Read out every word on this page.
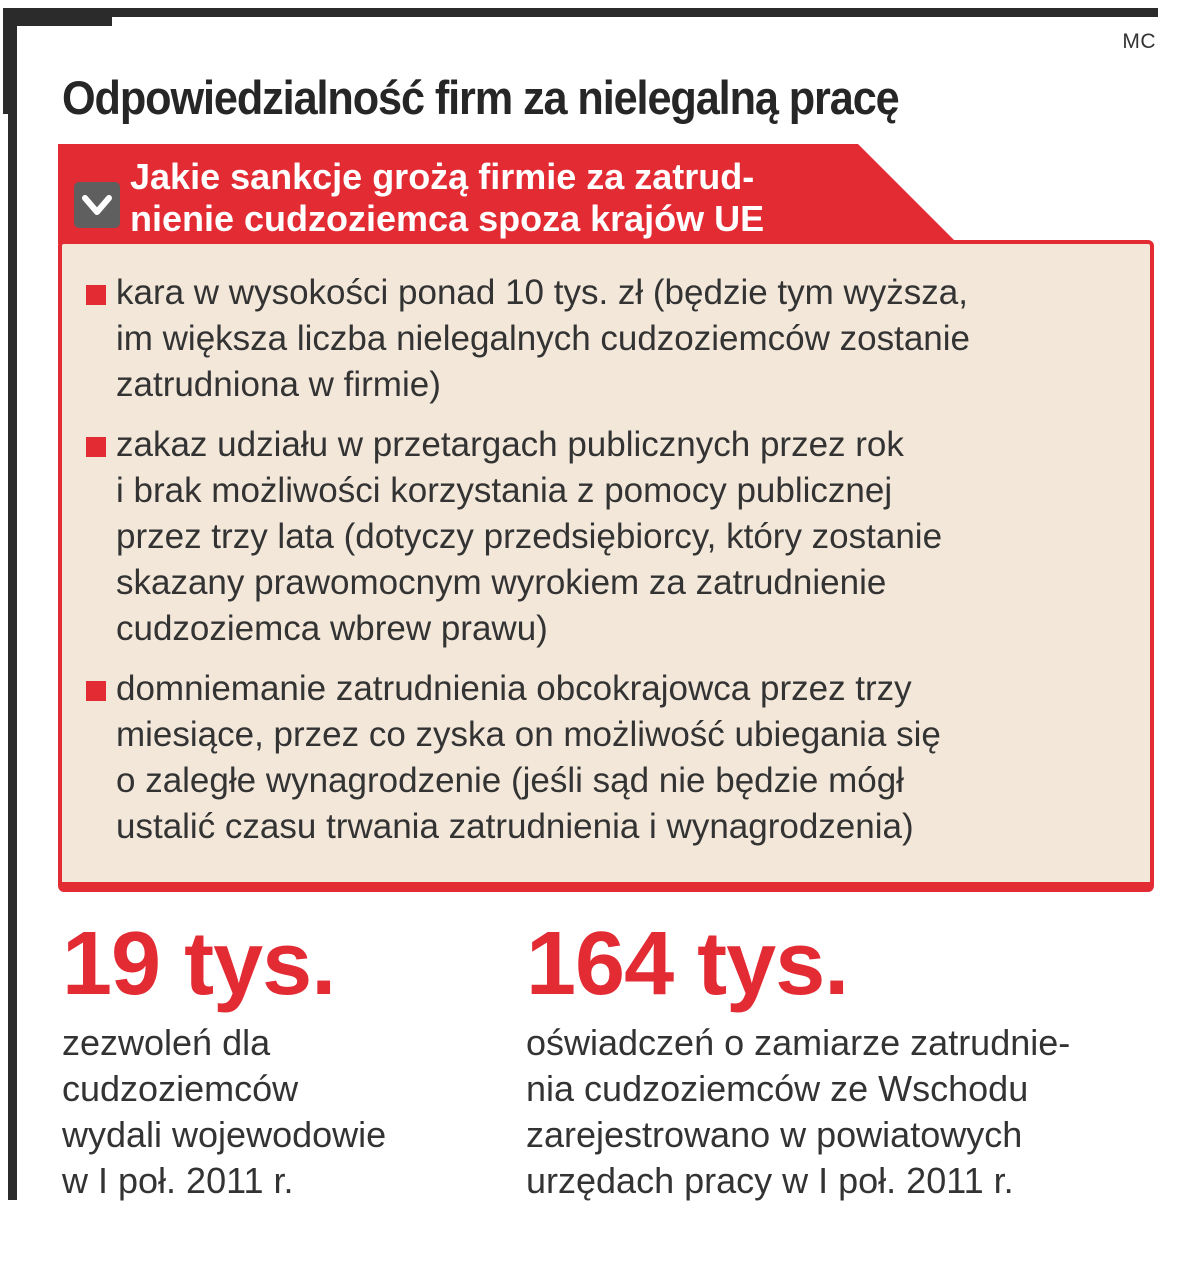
MC
Odpowiedzialność firm za nielegalną pracę
Jakie sankcje grożą firmie za zatrud-
nienie cudzoziemca spoza krajów UE
kara w wysokości ponad 10 tys. zł (będzie tym wyższa,
im większa liczba nielegalnych cudzoziemców zostanie
zatrudniona w firmie)
zakaz udziału w przetargach publicznych przez rok
i brak możliwości korzystania z pomocy publicznej
przez trzy lata (dotyczy przedsiębiorcy, który zostanie
skazany prawomocnym wyrokiem za zatrudnienie
cudzoziemca wbrew prawu)
domniemanie zatrudnienia obcokrajowca przez trzy
miesiące, przez co zyska on możliwość ubiegania się
o zaległe wynagrodzenie (jeśli sąd nie będzie mógł
ustalić czasu trwania zatrudnienia i wynagrodzenia)
19 tys.
zezwoleń dla
cudzoziemców
wydali wojewodowie
w I poł. 2011 r.
164 tys.
oświadczeń o zamiarze zatrudnie-
nia cudzoziemców ze Wschodu
zarejestrowano w powiatowych
urzędach pracy w I poł. 2011 r.
